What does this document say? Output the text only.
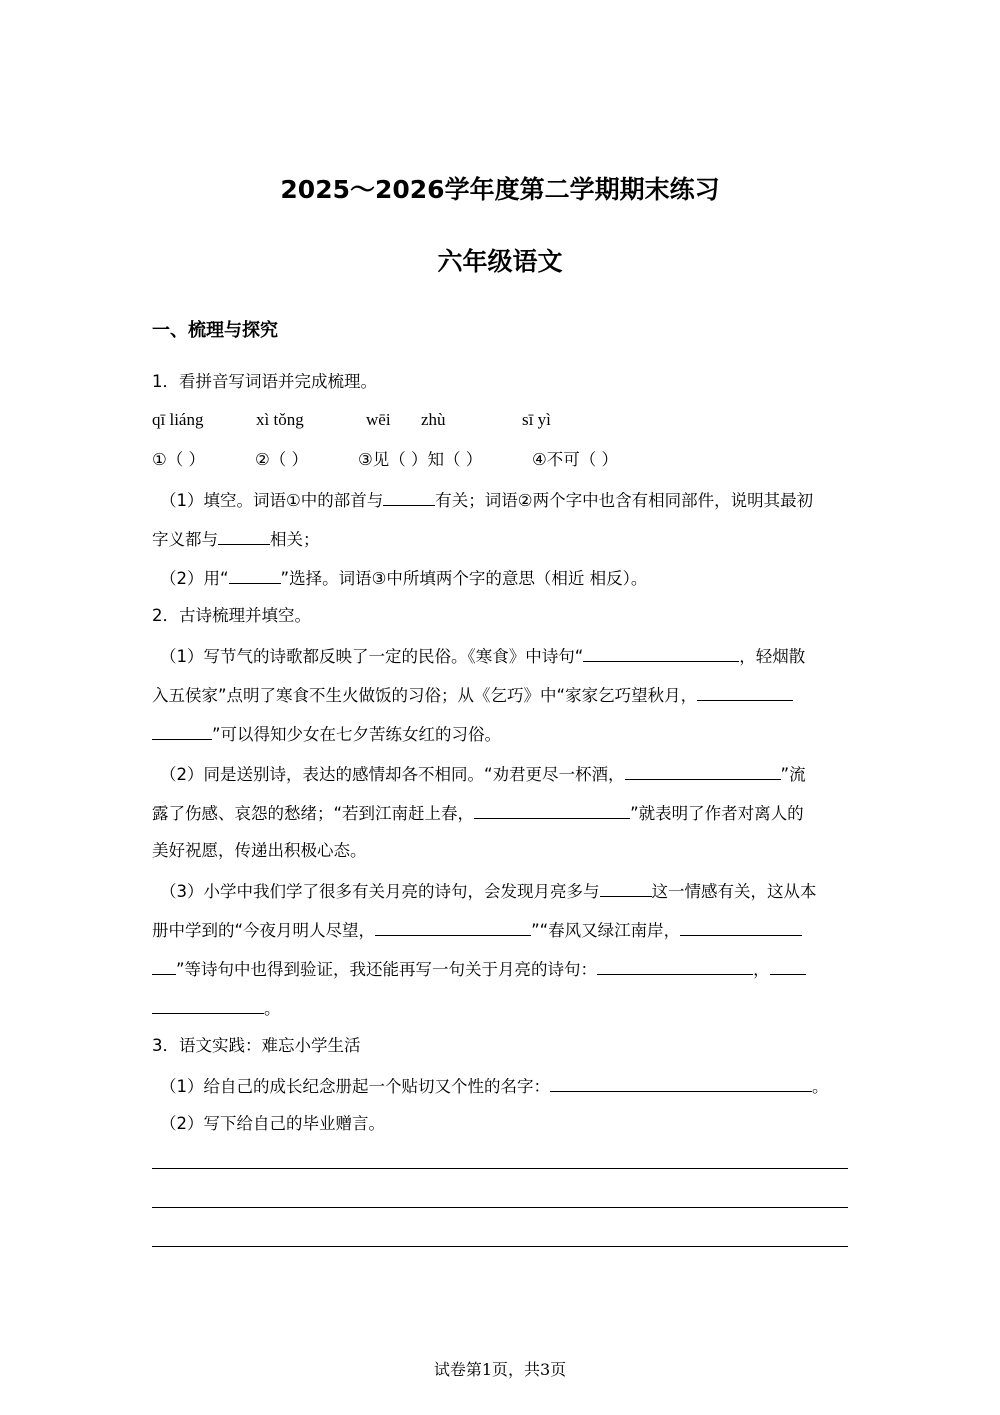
2025～2026学年度第二学期期末练习
六年级语文
一、梳理与探究
1．看拼音写词语并完成梳理。
qī liáng	xì tǒng	wēi zhù	sī yì
①（ ）	②（ ）	③见（ ）知（ ）	④不可（ ）
（1）填空。词语①中的部首与	有关；词语②两个字中也含有相同部件，说明其最初
字义都与	相关；
（2）用“	”选择。词语③中所填两个字的意思（相近 相反）。
2．古诗梳理并填空。
（1）写节气的诗歌都反映了一定的民俗。《寒食》中诗句“	，轻烟散
入五侯家”点明了寒食不生火做饭的习俗；从《乞巧》中“家家乞巧望秋月，
”可以得知少女在七夕苦练女红的习俗。
（2）同是送别诗，表达的感情却各不相同。“劝君更尽一杯酒，	”流
露了伤感、哀怨的愁绪；“若到江南赶上春，	”就表明了作者对离人的
美好祝愿，传递出积极心态。
（3）小学中我们学了很多有关月亮的诗句，会发现月亮多与	这一情感有关，这从本
册中学到的“今夜月明人尽望，	”“春风又绿江南岸，
”等诗句中也得到验证，我还能再写一句关于月亮的诗句：	，
。
3．语文实践：难忘小学生活
（1）给自己的成长纪念册起一个贴切又个性的名字：	。
（2）写下给自己的毕业赠言。
试卷第1页，共3页
